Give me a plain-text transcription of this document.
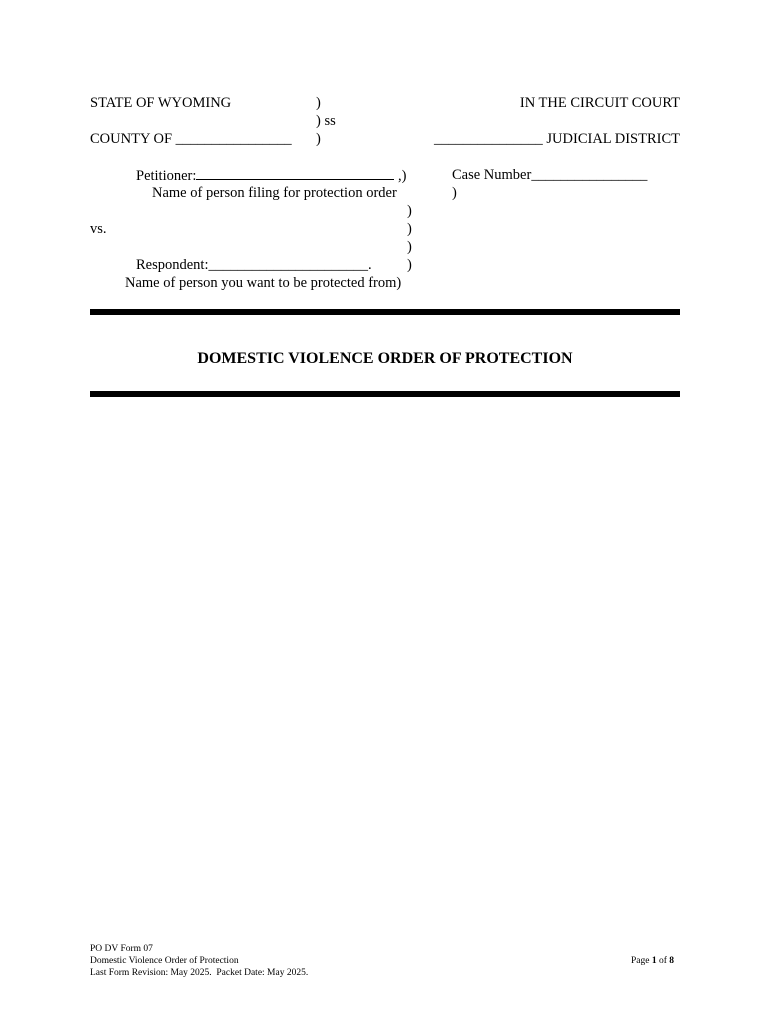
STATE OF WYOMING	)	IN THE CIRCUIT COURT
) ss
COUNTY OF ________________ )	_______________ JUDICIAL DISTRICT
Petitioner:	,)	Case Number________________
Name of person filing for protection order	)
)
vs.	)
)
Respondent:______________________. )
Name of person you want to be protected from)
DOMESTIC VIOLENCE ORDER OF PROTECTION
PO DV Form 07
Domestic Violence Order of Protection
Last Form Revision: May 2025.  Packet Date: May 2025.
Page 1 of 8
